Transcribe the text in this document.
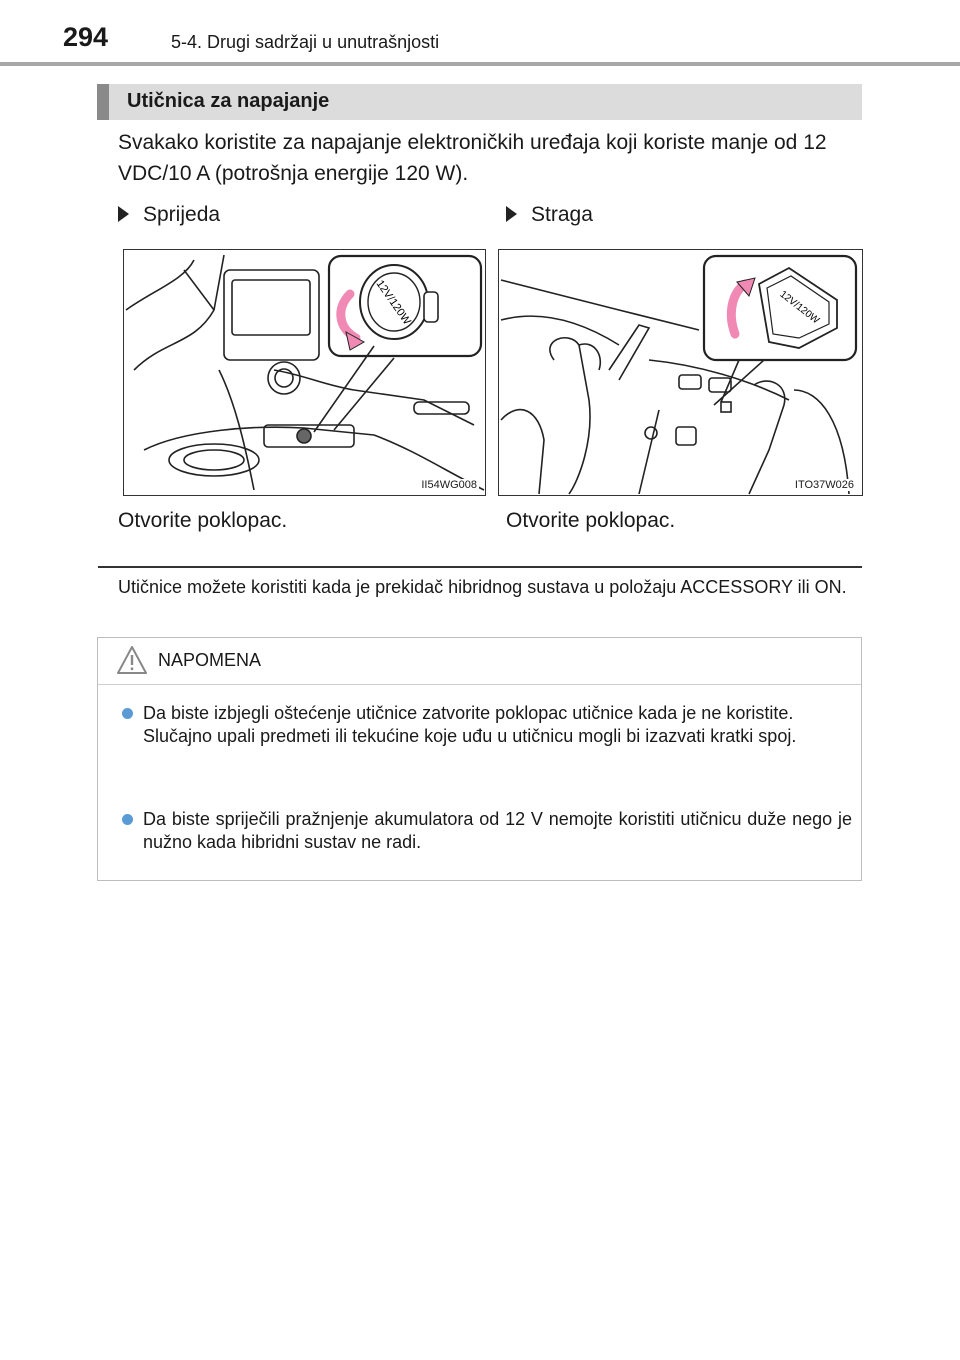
294	5-4. Drugi sadržaji u unutrašnjosti
Utičnica za napajanje
Svakako koristite za napajanje elektroničkih uređaja koji koriste manje od 12 VDC/10 A (potrošnja energije 120 W).
Sprijeda
12V/120W
II54WG008
Otvorite poklopac.
Straga
12V/120W
ITO37W026
Otvorite poklopac.
Utičnice možete koristiti kada je prekidač hibridnog sustava u položaju ACCESSORY ili ON.
NAPOMENA
Da biste izbjegli oštećenje utičnice zatvorite poklopac utičnice kada je ne koristite.
Slučajno upali predmeti ili tekućine koje uđu u utičnicu mogli bi izazvati kratki spoj.
Da biste spriječili pražnjenje akumulatora od 12 V nemojte koristiti utičnicu duže nego je nužno kada hibridni sustav ne radi.
